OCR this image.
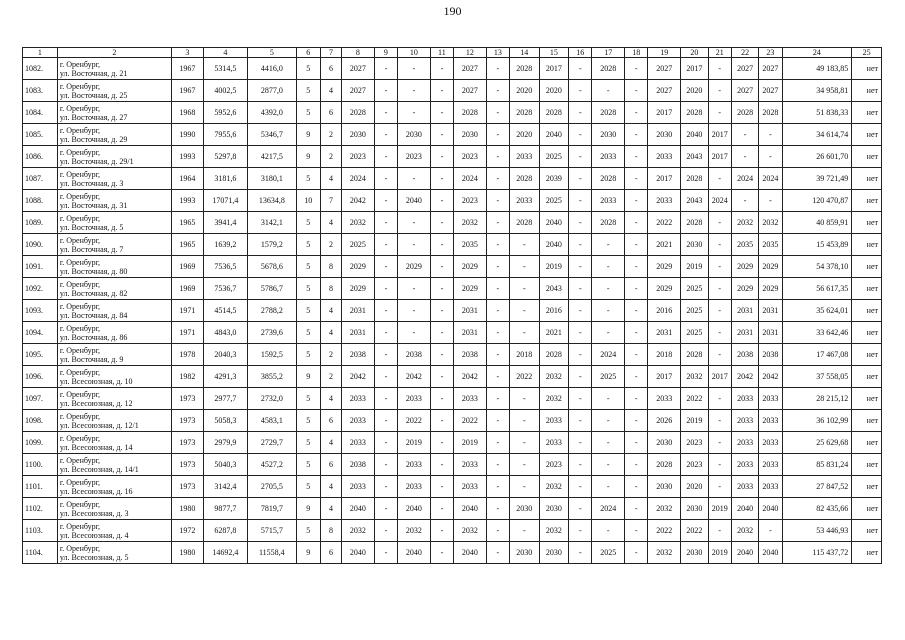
190
1	2	3	4	5	6	7	8	9	10	11	12	13	14	15	16	17	18	19	20	21	22	23	24	25
1082.	г. Оренбург,
ул. Восточная, д. 21	1967	5314,5	4416,0	5	6	2027	-	-	-	2027	-	2028	2017	-	2028	-	2027	2017	-	2027	2027	49 183,85	нет
1083.	г. Оренбург,
ул. Восточная, д. 25	1967	4002,5	2877,0	5	4	2027	-	-	-	2027	-	2020	2020	-	-	-	2027	2020	-	2027	2027	34 958,81	нет
1084.	г. Оренбург,
ул. Восточная, д. 27	1968	5952,6	4392,0	5	6	2028	-	-	-	2028	-	2028	2028	-	2028	-	2017	2028	-	2028	2028	51 838,33	нет
1085.	г. Оренбург,
ул. Восточная, д. 29	1990	7955,6	5346,7	9	2	2030	-	2030	-	2030	-	2020	2040	-	2030	-	2030	2040	2017	-	-	34 614,74	нет
1086.	г. Оренбург,
ул. Восточная, д. 29/1	1993	5297,8	4217,5	9	2	2023	-	2023	-	2023	-	2033	2025	-	2033	-	2033	2043	2017	-	-	26 601,70	нет
1087.	г. Оренбург,
ул. Восточная, д. 3	1964	3181,6	3180,1	5	4	2024	-	-	-	2024	-	2028	2039	-	2028	-	2017	2028	-	2024	2024	39 721,49	нет
1088.	г. Оренбург,
ул. Восточная, д. 31	1993	17071,4	13634,8	10	7	2042	-	2040	-	2023	-	2033	2025	-	2033	-	2033	2043	2024	-	-	120 470,87	нет
1089.	г. Оренбург,
ул. Восточная, д. 5	1965	3941,4	3142,1	5	4	2032	-	-	-	2032	-	2028	2040	-	2028	-	2022	2028	-	2032	2032	40 859,91	нет
1090.	г. Оренбург,
ул. Восточная, д. 7	1965	1639,2	1579,2	5	2	2025	-	-	-	2035	-	-	2040	-	-	-	2021	2030	-	2035	2035	15 453,89	нет
1091.	г. Оренбург,
ул. Восточная, д. 80	1969	7536,5	5678,6	5	8	2029	-	2029	-	2029	-	-	2019	-	-	-	2029	2019	-	2029	2029	54 378,10	нет
1092.	г. Оренбург,
ул. Восточная, д. 82	1969	7536,7	5786,7	5	8	2029	-	-	-	2029	-	-	2043	-	-	-	2029	2025	-	2029	2029	56 617,35	нет
1093.	г. Оренбург,
ул. Восточная, д. 84	1971	4514,5	2788,2	5	4	2031	-	-	-	2031	-	-	2016	-	-	-	2016	2025	-	2031	2031	35 624,01	нет
1094.	г. Оренбург,
ул. Восточная, д. 86	1971	4843,0	2739,6	5	4	2031	-	-	-	2031	-	-	2021	-	-	-	2031	2025	-	2031	2031	33 642,46	нет
1095.	г. Оренбург,
ул. Восточная, д. 9	1978	2040,3	1592,5	5	2	2038	-	2038	-	2038	-	2018	2028	-	2024	-	2018	2028	-	2038	2038	17 467,08	нет
1096.	г. Оренбург,
ул. Всесоюзная, д. 10	1982	4291,3	3855,2	9	2	2042	-	2042	-	2042	-	2022	2032	-	2025	-	2017	2032	2017	2042	2042	37 558,05	нет
1097.	г. Оренбург,
ул. Всесоюзная, д. 12	1973	2977,7	2732,0	5	4	2033	-	2033	-	2033	-	-	2032	-	-	-	2033	2022	-	2033	2033	28 215,12	нет
1098.	г. Оренбург,
ул. Всесоюзная, д. 12/1	1973	5058,3	4583,1	5	6	2033	-	2022	-	2022	-	-	2033	-	-	-	2026	2019	-	2033	2033	36 102,99	нет
1099.	г. Оренбург,
ул. Всесоюзная, д. 14	1973	2979,9	2729,7	5	4	2033	-	2019	-	2019	-	-	2033	-	-	-	2030	2023	-	2033	2033	25 629,68	нет
1100.	г. Оренбург,
ул. Всесоюзная, д. 14/1	1973	5040,3	4527,2	5	6	2038	-	2033	-	2033	-	-	2023	-	-	-	2028	2023	-	2033	2033	85 831,24	нет
1101.	г. Оренбург,
ул. Всесоюзная, д. 16	1973	3142,4	2705,5	5	4	2033	-	2033	-	2033	-	-	2032	-	-	-	2030	2020	-	2033	2033	27 847,52	нет
1102.	г. Оренбург,
ул. Всесоюзная, д. 3	1980	9877,7	7819,7	9	4	2040	-	2040	-	2040	-	2030	2030	-	2024	-	2032	2030	2019	2040	2040	82 435,66	нет
1103.	г. Оренбург,
ул. Всесоюзная, д. 4	1972	6287,8	5715,7	5	8	2032	-	2032	-	2032	-	-	2032	-	-	-	2022	2022	-	2032	-	53 446,93	нет
1104.	г. Оренбург,
ул. Всесоюзная, д. 5	1980	14692,4	11558,4	9	6	2040	-	2040	-	2040	-	2030	2030	-	2025	-	2032	2030	2019	2040	2040	115 437,72	нет
